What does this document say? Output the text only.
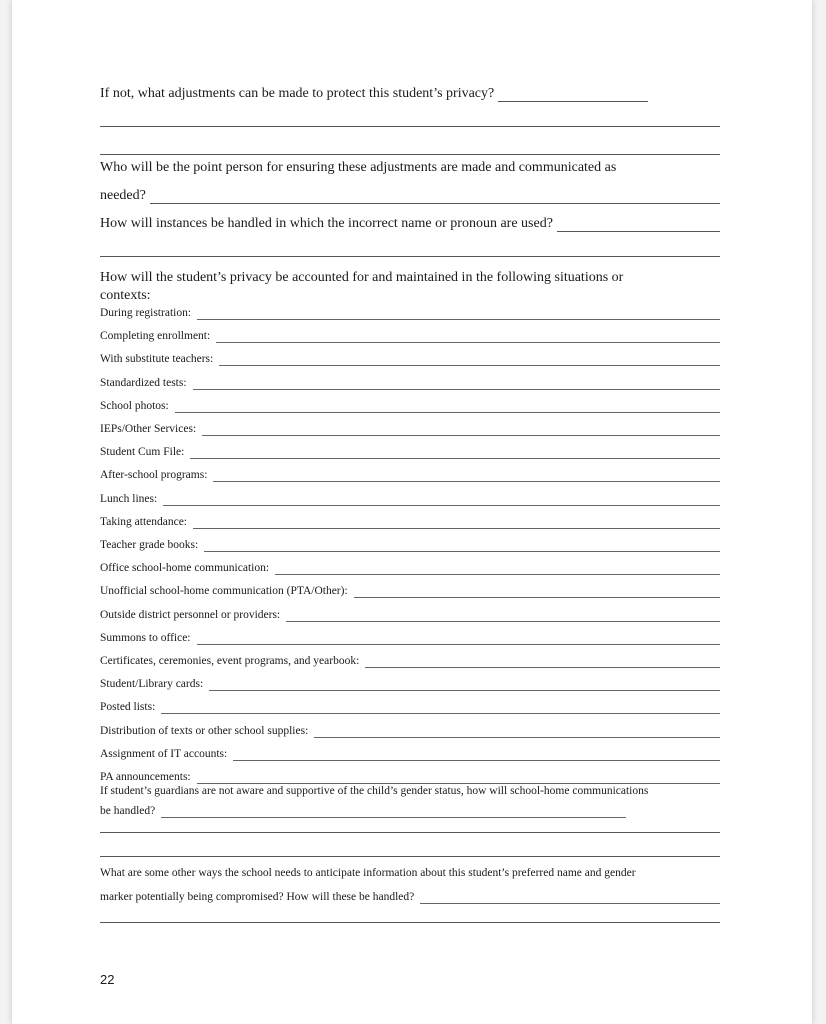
If not, what adjustments can be made to protect this student’s privacy?
Who will be the point person for ensuring these adjustments are made and communicated as
needed?
How will instances be handled in which the incorrect name or pronoun are used?
How will the student’s privacy be accounted for and maintained in the following situations or
contexts:
During registration:
Completing enrollment:
With substitute teachers:
Standardized tests:
School photos:
IEPs/Other Services:
Student Cum File:
After-school programs:
Lunch lines:
Taking attendance:
Teacher grade books:
Office school-home communication:
Unofficial school-home communication (PTA/Other):
Outside district personnel or providers:
Summons to office:
Certificates, ceremonies, event programs, and yearbook:
Student/Library cards:
Posted lists:
Distribution of texts or other school supplies:
Assignment of IT accounts:
PA announcements:
If student’s guardians are not aware and supportive of the child’s gender status, how will school-home communications
be handled?
What are some other ways the school needs to anticipate information about this student’s preferred name and gender
marker potentially being compromised? How will these be handled?
22
